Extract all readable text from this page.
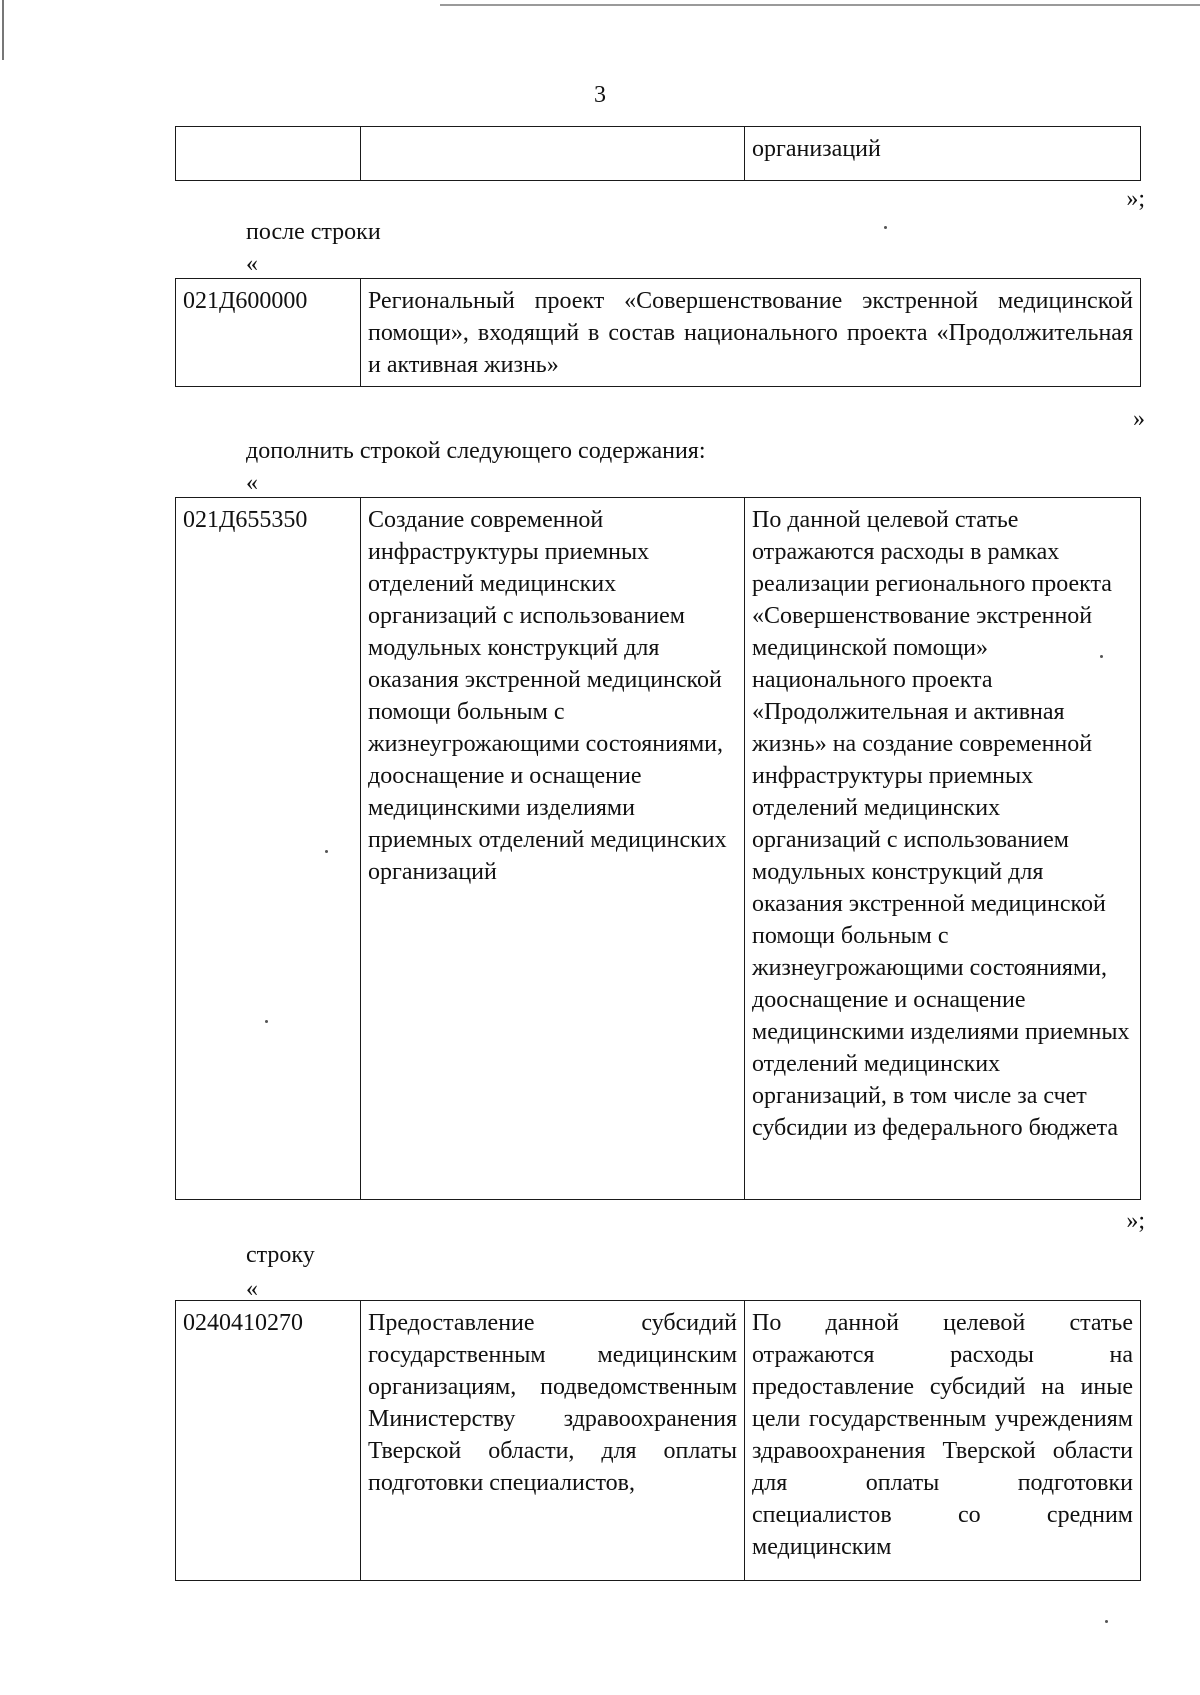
3
		организаций
»;
после строки
«
021Д600000	Региональный проект «Совершенствование экстренной медицинской помощи», входящий в состав национального проекта «Продолжительная и активная жизнь»
»
дополнить строкой следующего содержания:
«
021Д655350	Создание современной инфраструктуры приемных отделений медицинских организаций с использованием модульных конструкций для оказания экстренной медицинской помощи больным с жизнеугрожающими состояниями, дооснащение и оснащение медицинскими изделиями приемных отделений медицинских организаций	По данной целевой статье отражаются расходы в рамках реализации регионального проекта «Совершенствование экстренной медицинской помощи» национального проекта «Продолжительная и активная жизнь» на создание современной инфраструктуры приемных отделений медицинских организаций с использованием модульных конструкций для оказания экстренной медицинской помощи больным с жизнеугрожающими состояниями, дооснащение и оснащение медицинскими изделиями приемных отделений медицинских организаций, в том числе за счет субсидии из федерального бюджета
»;
строку
«
0240410270	Предоставление субсидий государственным медицинским организациям, подведомственным Министерству здравоохранения Тверской области, для оплаты подготовки специалистов,	По данной целевой статье отражаются расходы на предоставление субсидий на иные цели государственным учреждениям здравоохранения Тверской области для оплаты подготовки специалистов со средним медицинским
